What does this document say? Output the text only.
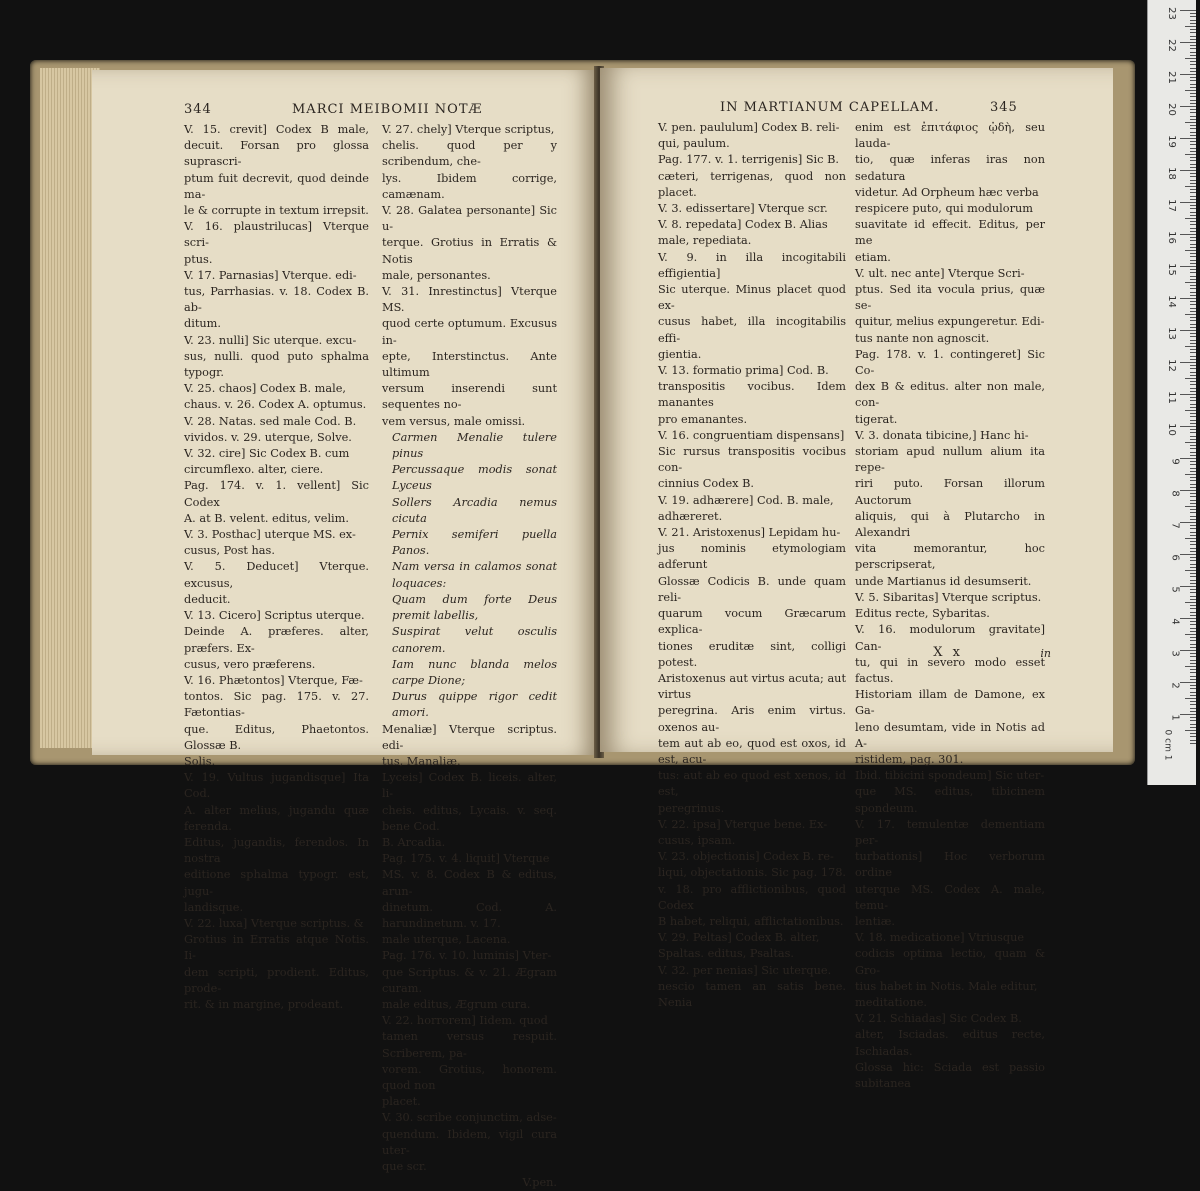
344	MARCI MEIBOMII NOTÆ

V. 15. crevit] Codex B male, decuit. Forsan pro glossa suprascri-

ptum fuit decrevit, quod deinde ma-

le & corrupte in textum irrepsit.

V. 16. plaustrilucas] Vterque scri-

ptus.

V. 17. Parnasias] Vterque. edi-

tus, Parrhasias. v. 18. Codex B. ab-

ditum.

V. 23. nulli] Sic uterque. excu-

sus, nulli. quod puto sphalma typogr.

V. 25. chaos] Codex B. male,

chaus. v. 26. Codex A. optumus.

V. 28. Natas. sed male Cod. B.

vividos. v. 29. uterque, Solve.

V. 32. cire] Sic Codex B. cum

circumflexo. alter, ciere.

Pag. 174. v. 1. vellent] Sic Codex

A. at B. velent. editus, velim.

V. 3. Posthac] uterque MS. ex-

cusus, Post has.

V. 5. Deducet] Vterque. excusus,

deducit.

V. 13. Cicero] Scriptus uterque.

Deinde A. præferes. alter, præfers. Ex-

cusus, vero præferens.

V. 16. Phætontos] Vterque, Fæ-

tontos. Sic pag. 175. v. 27. Fætontias-

que. Editus, Phaetontos. Glossæ B.

Solis.

V. 19. Vultus jugandisque] Ita Cod.

A. alter melius, jugandu quæ ferenda.

Editus, jugandis, ferendos. In nostra

editione sphalma typogr. est, jugu-

landisque.

V. 22. luxa] Vterque scriptus. &

Grotius in Erratis atque Notis. Ii-

dem scripti, prodient. Editus, prode-

rit. & in margine, prodeant.

V. 27. chely] Vterque scriptus,

chelis. quod per y scribendum, che-

lys. Ibidem corrige, camænam.

V. 28. Galatea personante] Sic u-

terque. Grotius in Erratis & Notis

male, personantes.

V. 31. Inrestinctus] Vterque MS.

quod certe optumum. Excusus in-

epte, Interstinctus. Ante ultimum

versum inserendi sunt sequentes no-

vem versus, male omissi.

Carmen Menalie tulere pinus

Percussaque modis sonat Lyceus

Sollers Arcadia nemus cicuta

Pernix semiferi puella Panos.

Nam versa in calamos sonat loquaces:

Quam dum forte Deus premit labellis,

Suspirat velut osculis canorem.

Iam nunc blanda melos carpe Dione;

Durus quippe rigor cedit amori.

Menaliæ] Vterque scriptus. edi-

tus, Manaliæ.

Lyceis] Codex B. liceis. alter, li-

cheis. editus, Lycais. v. seq. bene Cod.

B. Arcadia.

Pag. 175. v. 4. liquit] Vterque

MS. v. 8. Codex B & editus, arun-

dinetum. Cod. A. harundinetum. v. 17.

male uterque, Lacena.

Pag. 176. v. 10. luminis] Vter-

que Scriptus. & v. 21. Ægram curam.

male editus, Ægrum cura.

V. 22. horrorem] Iidem. quod

tamen versus respuit. Scriberem, pa-

vorem. Grotius, honorem. quod non

placet.

V. 30. scribe conjunctim, adse-

quendum. Ibidem, vigil cura uter-

que scr.

V.pen.

IN MARTIANUM CAPELLAM.	345

V. pen. paululum] Codex B. reli-

qui, paulum.

Pag. 177. v. 1. terrigenis] Sic B.

cæteri, terrigenas, quod non placet.

V. 3. edissertare] Vterque scr.

V. 8. repedata] Codex B. Alias

male, repediata.

V. 9. in illa incogitabili effigientia]

Sic uterque. Minus placet quod ex-

cusus habet, illa incogitabilis effi-

gientia.

V. 13. formatio prima] Cod. B.

transpositis vocibus. Idem manantes

pro emanantes.

V. 16. congruentiam dispensans]

Sic rursus transpositis vocibus con-

cinnius Codex B.

V. 19. adhærere] Cod. B. male,

adhæreret.

V. 21. Aristoxenus] Lepidam hu-

jus nominis etymologiam adferunt

Glossæ Codicis B. unde quam reli-

quarum vocum Græcarum explica-

tiones eruditæ sint, colligi potest.

Aristoxenus aut virtus acuta; aut virtus

peregrina. Aris enim virtus. oxenos au-

tem aut ab eo, quod est oxos, id est, acu-

tus: aut ab eo quod est xenos, id est,

peregrinus.

V. 22. ipsa] Vterque bene. Ex-

cusus, ipsam.

V. 23. objectionis] Codex B. re-

liqui, objectationis. Sic pag. 178.

v. 18. pro afflictionibus, quod Codex

B habet, reliqui, afflictationibus.

V. 29. Peltas] Codex B. alter,

Spaltas. editus, Psaltas.

V. 32. per nenias] Sic uterque.

nescio tamen an satis bene. Nenia

enim est ἐπιτάφιος ᾠδὴ, seu lauda-

tio, quæ inferas iras non sedatura

videtur. Ad Orpheum hæc verba

respicere puto, qui modulorum

suavitate id effecit. Editus, per me

etiam.

V. ult. nec ante] Vterque Scri-

ptus. Sed ita vocula prius, quæ se-

quitur, melius expungeretur. Edi-

tus nante non agnoscit.

Pag. 178. v. 1. contingeret] Sic Co-

dex B & editus. alter non male, con-

tigerat.

V. 3. donata tibicine,] Hanc hi-

storiam apud nullum alium ita repe-

riri puto. Forsan illorum Auctorum

aliquis, qui à Plutarcho in Alexandri

vita memorantur, hoc perscripserat,

unde Martianus id desumserit.

V. 5. Sibaritas] Vterque scriptus.

Editus recte, Sybaritas.

V. 16. modulorum gravitate] Can-

tu, qui in severo modo esset factus.

Historiam illam de Damone, ex Ga-

leno desumtam, vide in Notis ad A-

ristidem, pag. 301.

Ibid. tibicini spondeum] Sic uter-

que MS. editus, tibicinem spondeum.

V. 17. temulentæ dementiam per-

turbationis] Hoc verborum ordine

uterque MS. Codex A. male, temu-

lentiæ.

V. 18. medicatione] Vtriusque

codicis optima lectio, quam & Gro-

tius habet in Notis. Male editur,

meditatione.

V. 21. Schiadas] Sic Codex B.

alter, Isciadas. editus recte, Ischiadas.

Glossa hic: Sciada est passio subitanea

X x	in
0 cm 1
23
22
21
20
19
18
17
16
15
14
13
12
11
10
9
8
7
6
5
4
3
2
1
